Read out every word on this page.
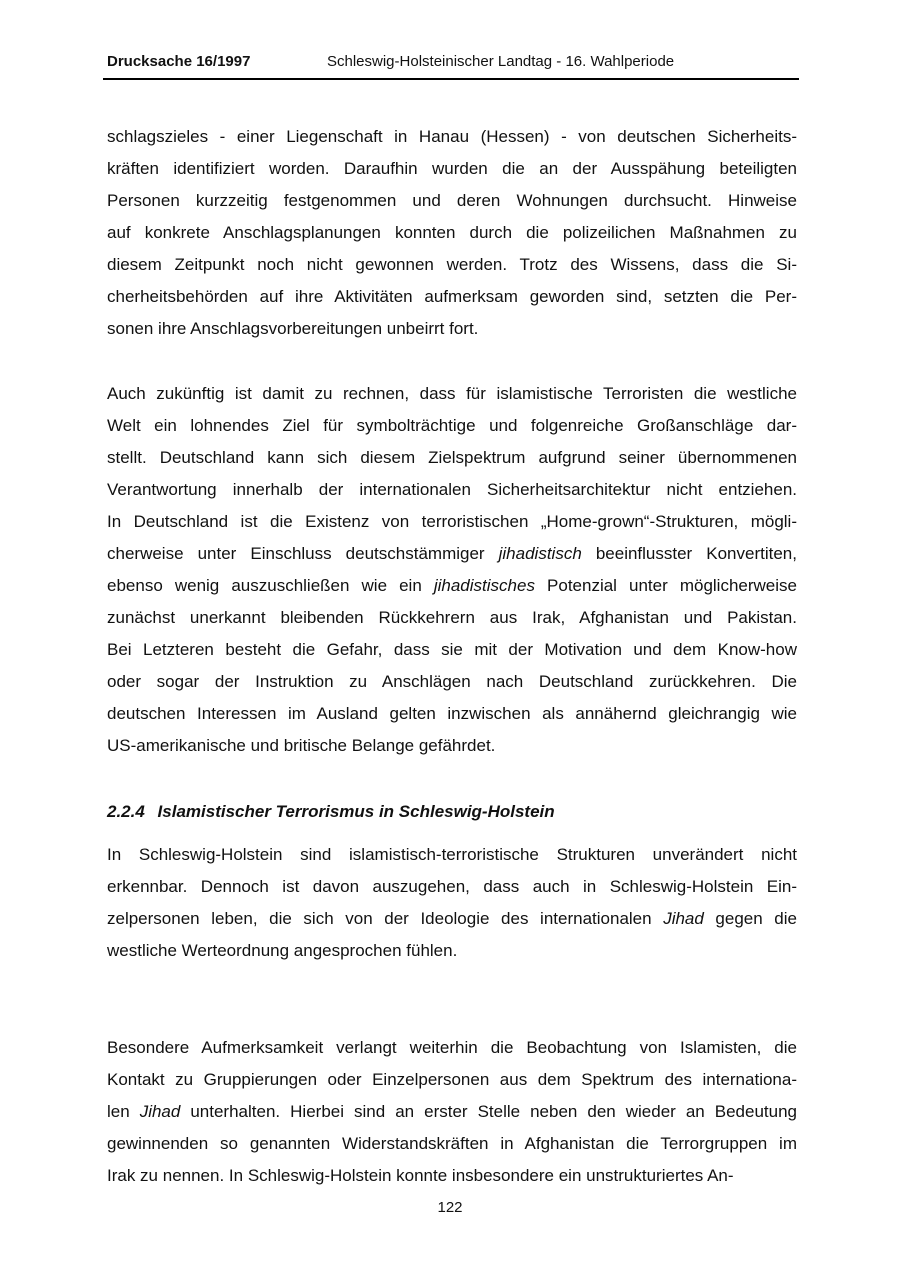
Drucksache 16/1997	Schleswig-Holsteinischer Landtag - 16. Wahlperiode
schlagszieles - einer Liegenschaft in Hanau (Hessen) - von deutschen Sicherheits-
kräften identifiziert worden. Daraufhin wurden die an der Ausspähung beteiligten
Personen kurzzeitig festgenommen und deren Wohnungen durchsucht. Hinweise
auf konkrete Anschlagsplanungen konnten durch die polizeilichen Maßnahmen zu
diesem Zeitpunkt noch nicht gewonnen werden. Trotz des Wissens, dass die Si-
cherheitsbehörden auf ihre Aktivitäten aufmerksam geworden sind, setzten die Per-
sonen ihre Anschlagsvorbereitungen unbeirrt fort.
Auch zukünftig ist damit zu rechnen, dass für islamistische Terroristen die westliche
Welt ein lohnendes Ziel für symbolträchtige und folgenreiche Großanschläge dar-
stellt. Deutschland kann sich diesem Zielspektrum aufgrund seiner übernommenen
Verantwortung innerhalb der internationalen Sicherheitsarchitektur nicht entziehen.
In Deutschland ist die Existenz von terroristischen „Home-grown“-Strukturen, mögli-
cherweise unter Einschluss deutschstämmiger jihadistisch beeinflusster Konvertiten,
ebenso wenig auszuschließen wie ein jihadistisches Potenzial unter möglicherweise
zunächst unerkannt bleibenden Rückkehrern aus Irak, Afghanistan und Pakistan.
Bei Letzteren besteht die Gefahr, dass sie mit der Motivation und dem Know-how
oder sogar der Instruktion zu Anschlägen nach Deutschland zurückkehren. Die
deutschen Interessen im Ausland gelten inzwischen als annähernd gleichrangig wie
US-amerikanische und britische Belange gefährdet.
2.2.4 Islamistischer Terrorismus in Schleswig-Holstein
In Schleswig-Holstein sind islamistisch-terroristische Strukturen unverändert nicht
erkennbar. Dennoch ist davon auszugehen, dass auch in Schleswig-Holstein Ein-
zelpersonen leben, die sich von der Ideologie des internationalen Jihad gegen die
westliche Werteordnung angesprochen fühlen.
Besondere Aufmerksamkeit verlangt weiterhin die Beobachtung von Islamisten, die
Kontakt zu Gruppierungen oder Einzelpersonen aus dem Spektrum des internationa-
len Jihad unterhalten. Hierbei sind an erster Stelle neben den wieder an Bedeutung
gewinnenden so genannten Widerstandskräften in Afghanistan die Terrorgruppen im
Irak zu nennen. In Schleswig-Holstein konnte insbesondere ein unstrukturiertes An-
122
